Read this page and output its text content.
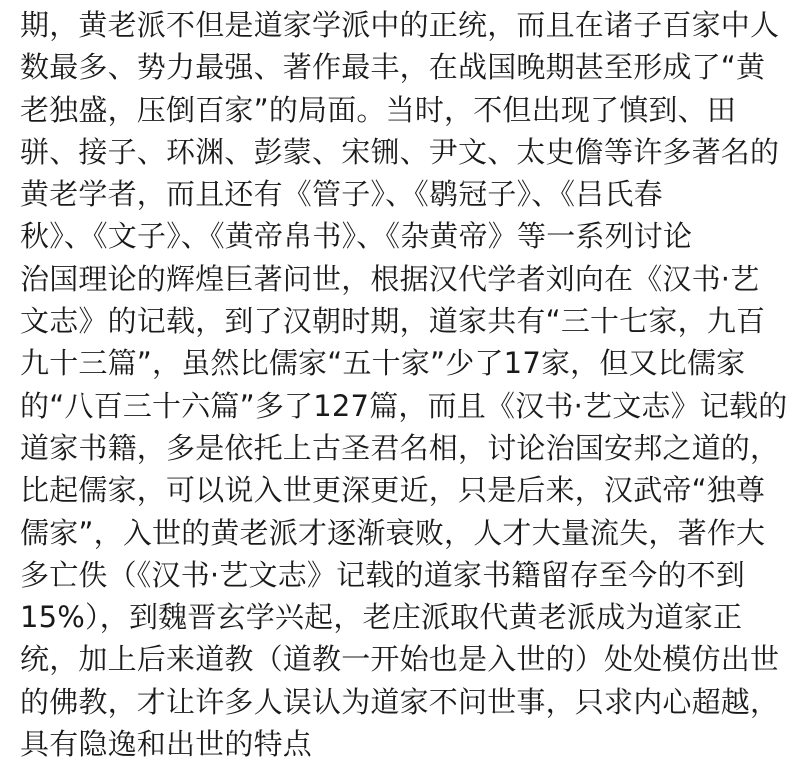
期，黄老派不但是道家学派中的正统，而且在诸子百家中人
数最多、势力最强、著作最丰，在战国晚期甚至形成了“黄
老独盛，压倒百家”的局面。当时，不但出现了慎到、田
骈、接子、环渊、彭蒙、宋铏、尹文、太史儋等许多著名的
黄老学者，而且还有《管子》、《鹖冠子》、《吕氏春
秋》、《文子》、《黄帝帛书》、《杂黄帝》等一系列讨论
治国理论的辉煌巨著问世，根据汉代学者刘向在《汉书·艺
文志》的记载，到了汉朝时期，道家共有“三十七家，九百
九十三篇”，虽然比儒家“五十家”少了17家，但又比儒家
的“八百三十六篇”多了127篇，而且《汉书·艺文志》记载的
道家书籍，多是依托上古圣君名相，讨论治国安邦之道的，
比起儒家，可以说入世更深更近，只是后来，汉武帝“独尊
儒家”，入世的黄老派才逐渐衰败，人才大量流失，著作大
多亡佚（《汉书·艺文志》记载的道家书籍留存至今的不到
15%），到魏晋玄学兴起，老庄派取代黄老派成为道家正
统，加上后来道教（道教一开始也是入世的）处处模仿出世
的佛教，才让许多人误认为道家不问世事，只求内心超越，
具有隐逸和出世的特点
